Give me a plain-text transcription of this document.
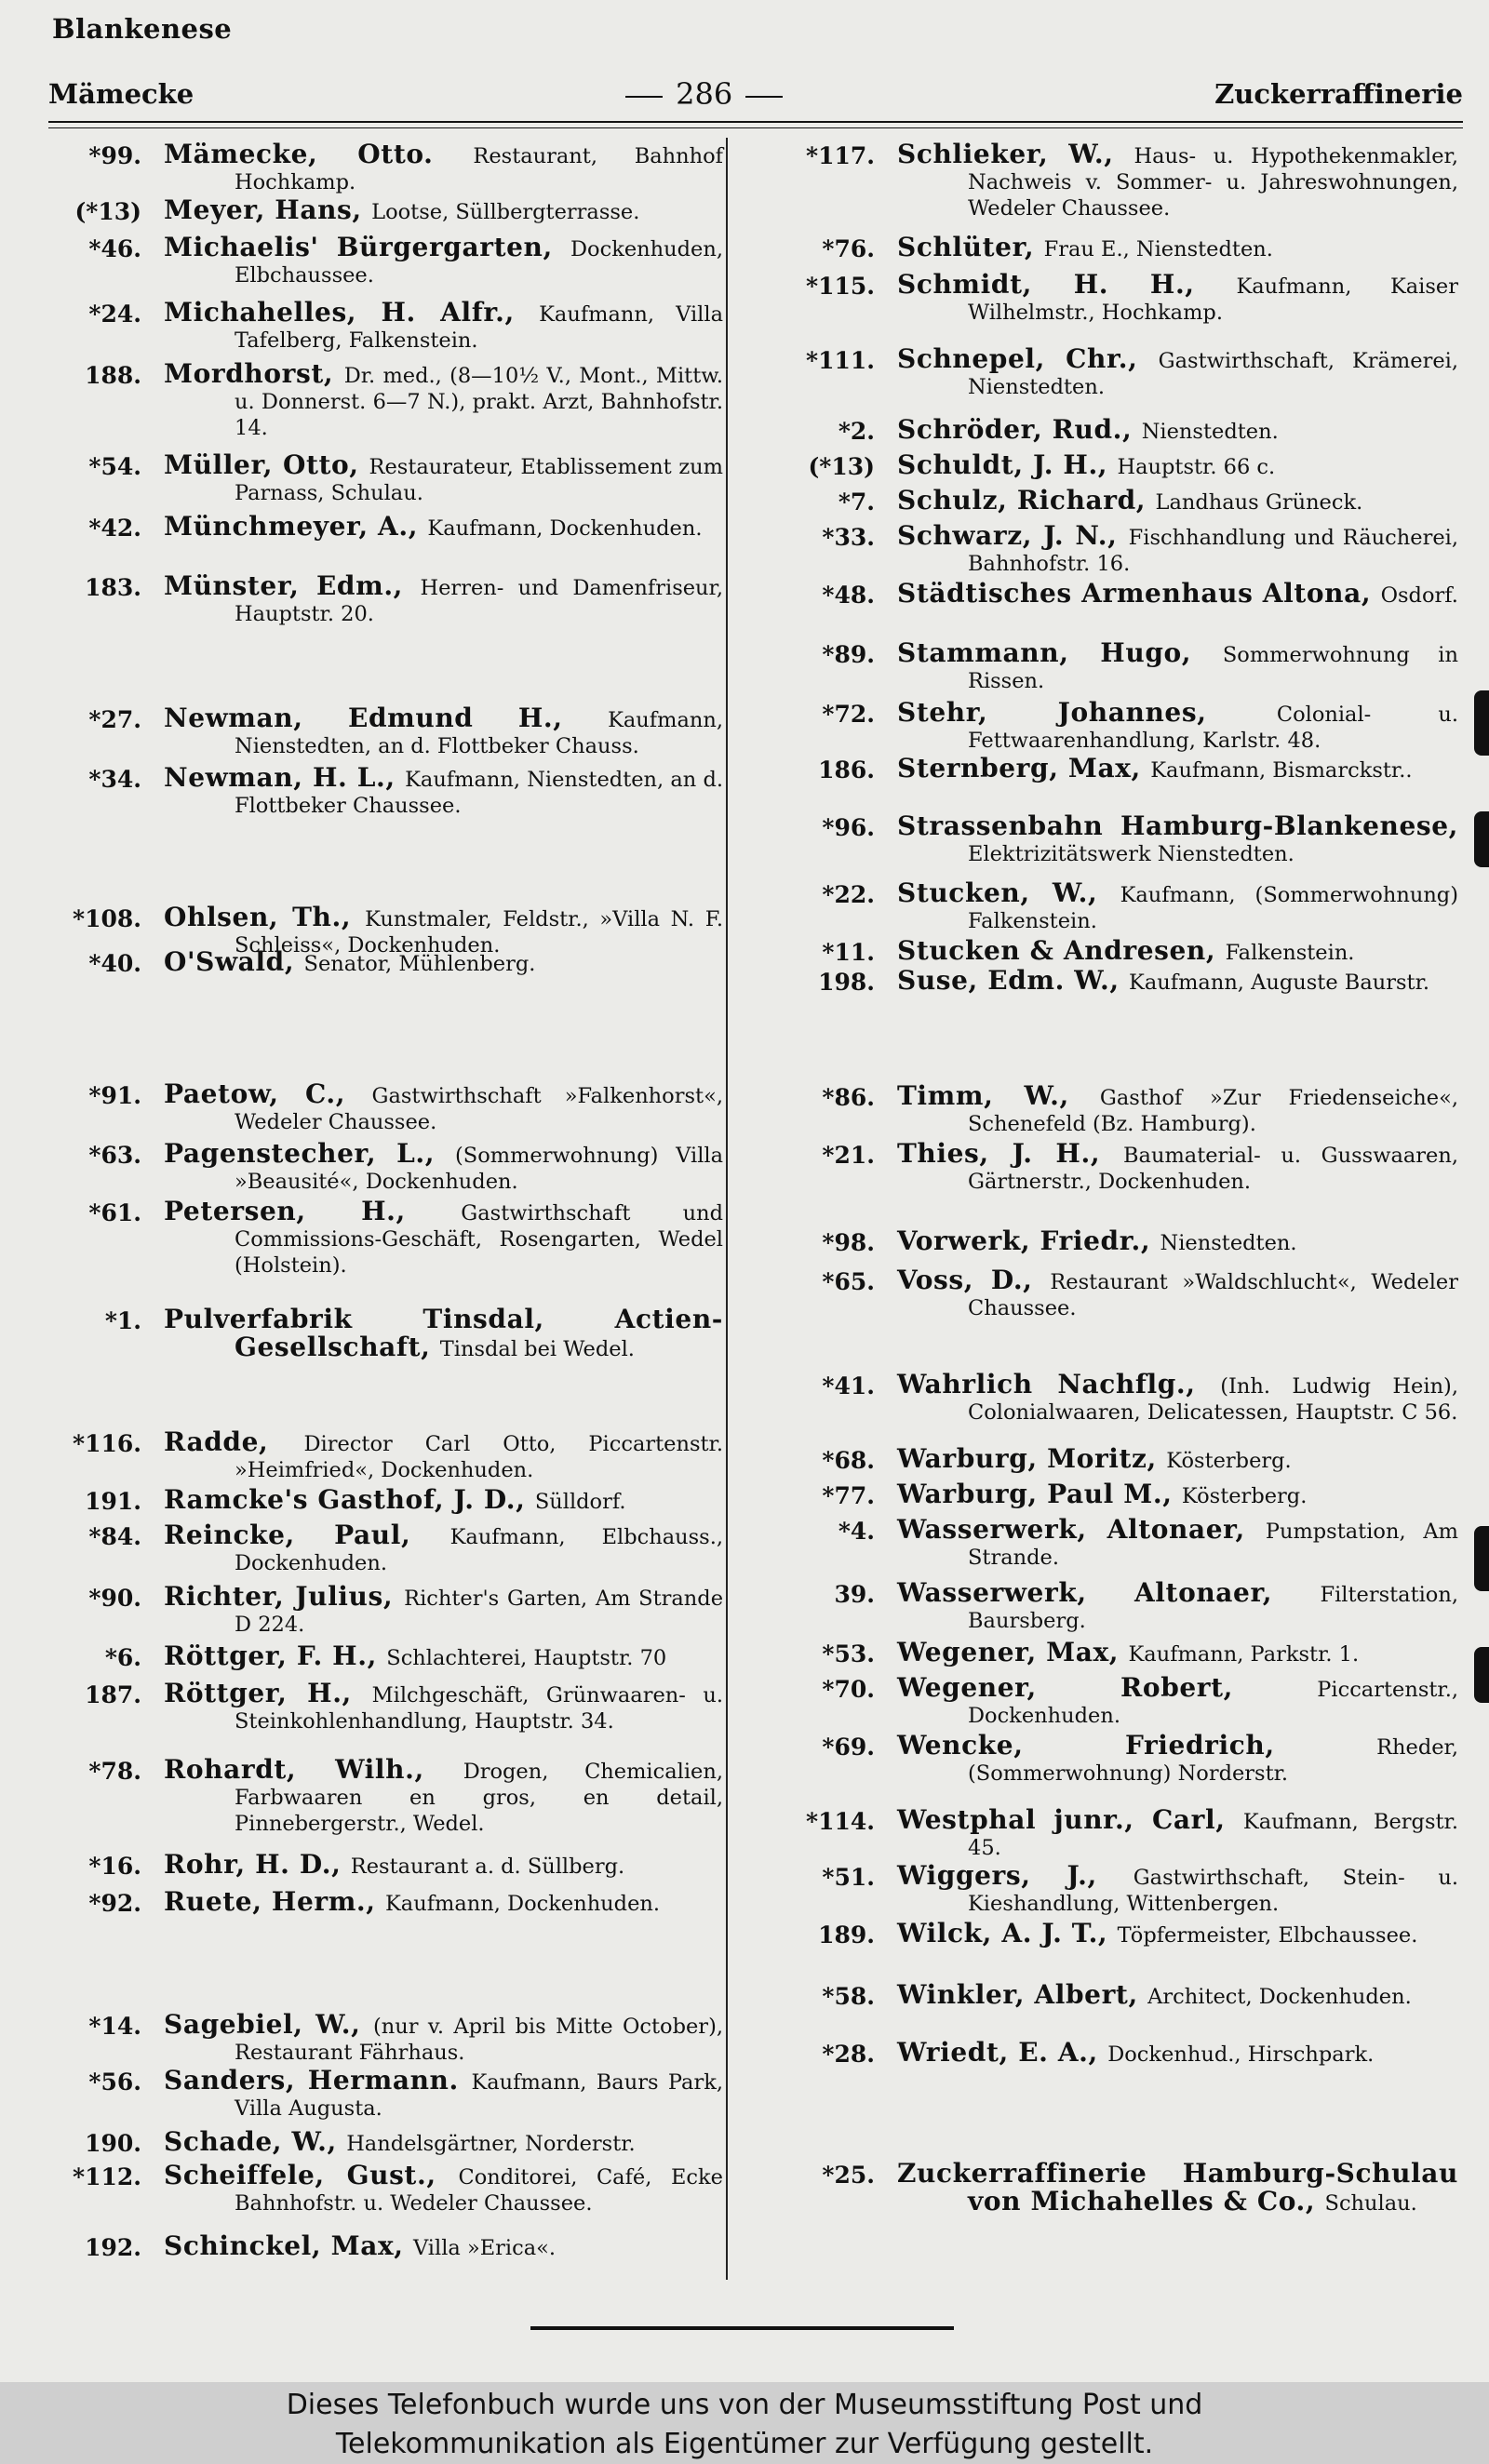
Blankenese
Mämecke	286	Zuckerraffinerie
*99. Mämecke, Otto. Restaurant, Bahnhof Hochkamp.
(*13) Meyer, Hans, Lootse, Süllbergterrasse.
*46. Michaelis' Bürgergarten, Dockenhuden, Elbchaussee.
*24. Michahelles, H. Alfr., Kaufmann, Villa Tafelberg, Falkenstein.
188. Mordhorst, Dr. med., (8—10½ V., Mont., Mittw. u. Donnerst. 6—7 N.), prakt. Arzt, Bahnhofstr. 14.
*54. Müller, Otto, Restaurateur, Etablissement zum Parnass, Schulau.
*42. Münchmeyer, A., Kaufmann, Dockenhuden.
183. Münster, Edm., Herren- und Damenfriseur, Hauptstr. 20.
*27. Newman, Edmund H., Kaufmann, Nienstedten, an d. Flottbeker Chauss.
*34. Newman, H. L., Kaufmann, Nienstedten, an d. Flottbeker Chaussee.
*108. Ohlsen, Th., Kunstmaler, Feldstr., »Villa N. F. Schleiss«, Dockenhuden.
*40. O'Swald, Senator, Mühlenberg.
*91. Paetow, C., Gastwirthschaft »Falkenhorst«, Wedeler Chaussee.
*63. Pagenstecher, L., (Sommerwohnung) Villa »Beausité«, Dockenhuden.
*61. Petersen, H., Gastwirthschaft und Commissions-Geschäft, Rosengarten, Wedel (Holstein).
*1. Pulverfabrik Tinsdal, Actien-Gesellschaft, Tinsdal bei Wedel.
*116. Radde, Director Carl Otto, Piccartenstr. »Heimfried«, Dockenhuden.
191. Ramcke's Gasthof, J. D., Sülldorf.
*84. Reincke, Paul, Kaufmann, Elbchauss., Dockenhuden.
*90. Richter, Julius, Richter's Garten, Am Strande D 224.
*6. Röttger, F. H., Schlachterei, Hauptstr. 70
187. Röttger, H., Milchgeschäft, Grünwaaren- u. Steinkohlenhandlung, Hauptstr. 34.
*78. Rohardt, Wilh., Drogen, Chemicalien, Farbwaaren en gros, en detail, Pinnebergerstr., Wedel.
*16. Rohr, H. D., Restaurant a. d. Süllberg.
*92. Ruete, Herm., Kaufmann, Dockenhuden.
*14. Sagebiel, W., (nur v. April bis Mitte October), Restaurant Fährhaus.
*56. Sanders, Hermann. Kaufmann, Baurs Park, Villa Augusta.
190. Schade, W., Handelsgärtner, Norderstr.
*112. Scheiffele, Gust., Conditorei, Café, Ecke Bahnhofstr. u. Wedeler Chaussee.
192. Schinckel, Max, Villa »Erica«.
*117. Schlieker, W., Haus- u. Hypothekenmakler, Nachweis v. Sommer- u. Jahreswohnungen, Wedeler Chaussee.
*76. Schlüter, Frau E., Nienstedten.
*115. Schmidt, H. H., Kaufmann, Kaiser Wilhelmstr., Hochkamp.
*111. Schnepel, Chr., Gastwirthschaft, Krämerei, Nienstedten.
*2. Schröder, Rud., Nienstedten.
(*13) Schuldt, J. H., Hauptstr. 66 c.
*7. Schulz, Richard, Landhaus Grüneck.
*33. Schwarz, J. N., Fischhandlung und Räucherei, Bahnhofstr. 16.
*48. Städtisches Armenhaus Altona, Osdorf.
*89. Stammann, Hugo, Sommerwohnung in Rissen.
*72. Stehr, Johannes, Colonial- u. Fettwaarenhandlung, Karlstr. 48.
186. Sternberg, Max, Kaufmann, Bismarckstr..
*96. Strassenbahn Hamburg-Blankenese, Elektrizitätswerk Nienstedten.
*22. Stucken, W., Kaufmann, (Sommerwohnung) Falkenstein.
*11. Stucken & Andresen, Falkenstein.
198. Suse, Edm. W., Kaufmann, Auguste Baurstr.
*86. Timm, W., Gasthof »Zur Friedenseiche«, Schenefeld (Bz. Hamburg).
*21. Thies, J. H., Baumaterial- u. Gusswaaren, Gärtnerstr., Dockenhuden.
*98. Vorwerk, Friedr., Nienstedten.
*65. Voss, D., Restaurant »Waldschlucht«, Wedeler Chaussee.
*41. Wahrlich Nachflg., (Inh. Ludwig Hein), Colonialwaaren, Delicatessen, Hauptstr. C 56.
*68. Warburg, Moritz, Kösterberg.
*77. Warburg, Paul M., Kösterberg.
*4. Wasserwerk, Altonaer, Pumpstation, Am Strande.
39. Wasserwerk, Altonaer, Filterstation, Baursberg.
*53. Wegener, Max, Kaufmann, Parkstr. 1.
*70. Wegener, Robert, Piccartenstr., Dockenhuden.
*69. Wencke, Friedrich, Rheder, (Sommerwohnung) Norderstr.
*114. Westphal junr., Carl, Kaufmann, Bergstr. 45.
*51. Wiggers, J., Gastwirthschaft, Stein- u. Kieshandlung, Wittenbergen.
189. Wilck, A. J. T., Töpfermeister, Elbchaussee.
*58. Winkler, Albert, Architect, Dockenhuden.
*28. Wriedt, E. A., Dockenhud., Hirschpark.
*25. Zuckerraffinerie Hamburg-Schulau von Michahelles & Co., Schulau.
Dieses Telefonbuch wurde uns von der Museumsstiftung Post und
Telekommunikation als Eigentümer zur Verfügung gestellt.
